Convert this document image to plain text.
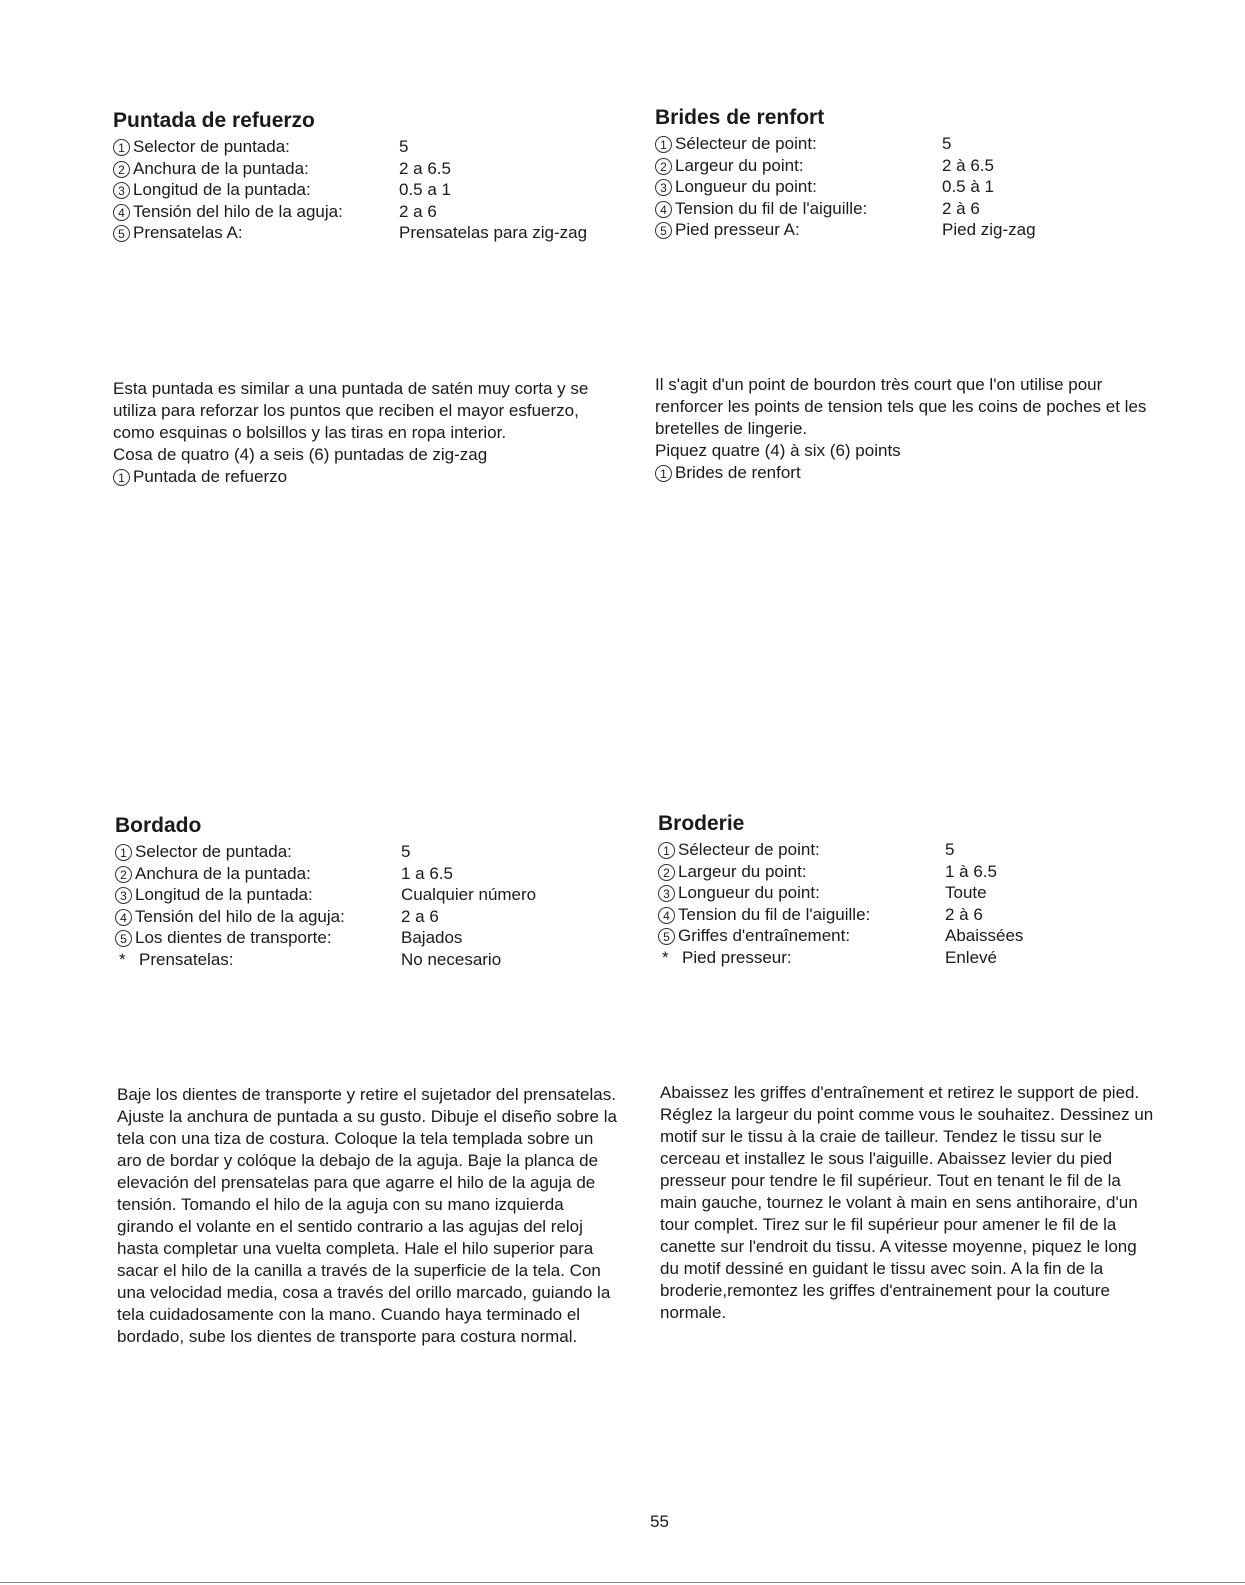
Puntada de refuerzo
1 Selector de puntada:	5
2 Anchura de la puntada:	2 a 6.5
3 Longitud de la puntada:	0.5 a 1
4 Tensión del hilo de la aguja:	2 a 6
5 Prensatelas A:	Prensatelas para zig-zag
Brides de renfort
1 Sélecteur de point:	5
2 Largeur du point:	2 à 6.5
3 Longueur du point:	0.5 à 1
4 Tension du fil de l'aiguille:	2 à 6
5 Pied presseur A:	Pied zig-zag

Esta puntada es similar a una puntada de satén muy corta y se

utiliza para reforzar los puntos que reciben el mayor esfuerzo,

como esquinas o bolsillos y las tiras en ropa interior.

Cosa de quatro (4) a seis (6) puntadas de zig-zag

1 Puntada de refuerzo

Il s'agit d'un point de bourdon très court que l'on utilise pour

renforcer les points de tension tels que les coins de poches et les

bretelles de lingerie.

Piquez quatre (4) à six (6) points

1 Brides de renfort

Bordado
1 Selector de puntada:	5
2 Anchura de la puntada:	1 a 6.5
3 Longitud de la puntada:	Cualquier número
4 Tensión del hilo de la aguja:	2 a 6
5 Los dientes de transporte:	Bajados
* Prensatelas:	No necesario
Broderie
1 Sélecteur de point:	5
2 Largeur du point:	1 à 6.5
3 Longueur du point:	Toute
4 Tension du fil de l'aiguille:	2 à 6
5 Griffes d'entraînement:	Abaissées
* Pied presseur:	Enlevé

Baje los dientes de transporte y retire el sujetador del prensatelas.

Ajuste la anchura de puntada a su gusto. Dibuje el diseño sobre la

tela con una tiza de costura. Coloque la tela templada sobre un

aro de bordar y colóque la debajo de la aguja. Baje la planca de

elevación del prensatelas para que agarre el hilo de la aguja de

tensión. Tomando el hilo de la aguja con su mano izquierda

girando el volante en el sentido contrario a las agujas del reloj

hasta completar una vuelta completa. Hale el hilo superior para

sacar el hilo de la canilla a través de la superficie de la tela. Con

una velocidad media, cosa a través del orillo marcado, guiando la

tela cuidadosamente con la mano. Cuando haya terminado el

bordado, sube los dientes de transporte para costura normal.

Abaissez les griffes d'entraînement et retirez le support de pied.

Réglez la largeur du point comme vous le souhaitez. Dessinez un

motif sur le tissu à la craie de tailleur. Tendez le tissu sur le

cerceau et installez le sous l'aiguille. Abaissez levier du pied

presseur pour tendre le fil supérieur. Tout en tenant le fil de la

main gauche, tournez le volant à main en sens antihoraire, d'un

tour complet. Tirez sur le fil supérieur pour amener le fil de la

canette sur l'endroit du tissu. A vitesse moyenne, piquez le long

du motif dessiné en guidant le tissu avec soin. A la fin de la

broderie,remontez les griffes d'entrainement pour la couture

normale.

55
